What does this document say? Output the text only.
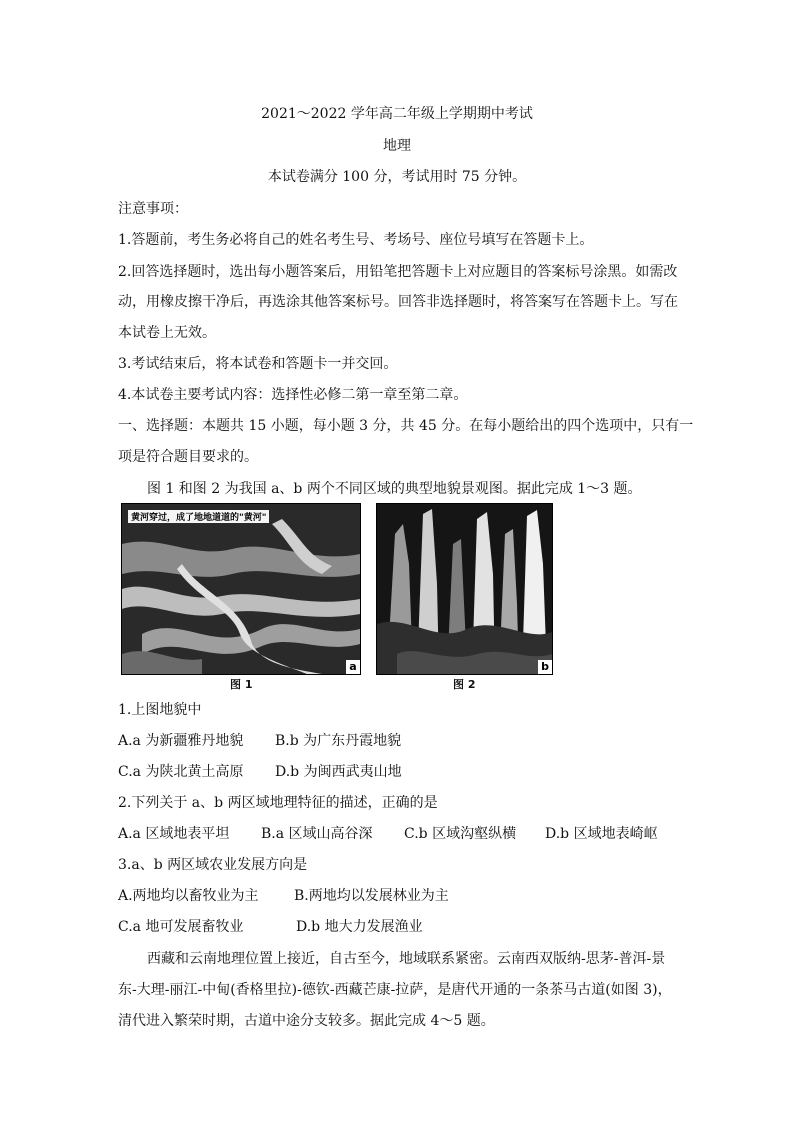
2021～2022 学年高二年级上学期期中考试
地理
本试卷满分 100 分，考试用时 75 分钟。
注意事项：
1.答题前，考生务必将自己的姓名考生号、考场号、座位号填写在答题卡上。
2.回答选择题时，选出每小题答案后，用铅笔把答题卡上对应题目的答案标号涂黑。如需改
动，用橡皮擦干净后，再选涂其他答案标号。回答非选择题时，将答案写在答题卡上。写在
本试卷上无效。
3.考试结束后，将本试卷和答题卡一并交回。
4.本试卷主要考试内容：选择性必修二第一章至第二章。
一、选择题：本题共 15 小题，每小题 3 分，共 45 分。在每小题给出的四个选项中，只有一
项是符合题目要求的。
图 1 和图 2 为我国 a、b 两个不同区域的典型地貌景观图。据此完成 1～3 题。
黄河穿过，成了地地道道的"黄河"
a
图 1
b
图 2
1.上图地貌中
A.a 为新疆雅丹地貌 B.b 为广东丹霞地貌
C.a 为陕北黄土高原 D.b 为闽西武夷山地
2.下列关于 a、b 两区域地理特征的描述，正确的是
A.a 区域地表平坦 B.a 区域山高谷深 C.b 区域沟壑纵横 D.b 区域地表崎岖
3.a、b 两区域农业发展方向是
A.两地均以畜牧业为主	B.两地均以发展林业为主
C.a 地可发展畜牧业	D.b 地大力发展渔业
西藏和云南地理位置上接近，自古至今，地域联系紧密。云南西双版纳-思茅-普洱-景
东-大理-丽江-中甸(香格里拉)-德钦-西藏芒康-拉萨，是唐代开通的一条茶马古道(如图 3)，
清代进入繁荣时期，古道中途分支较多。据此完成 4～5 题。
